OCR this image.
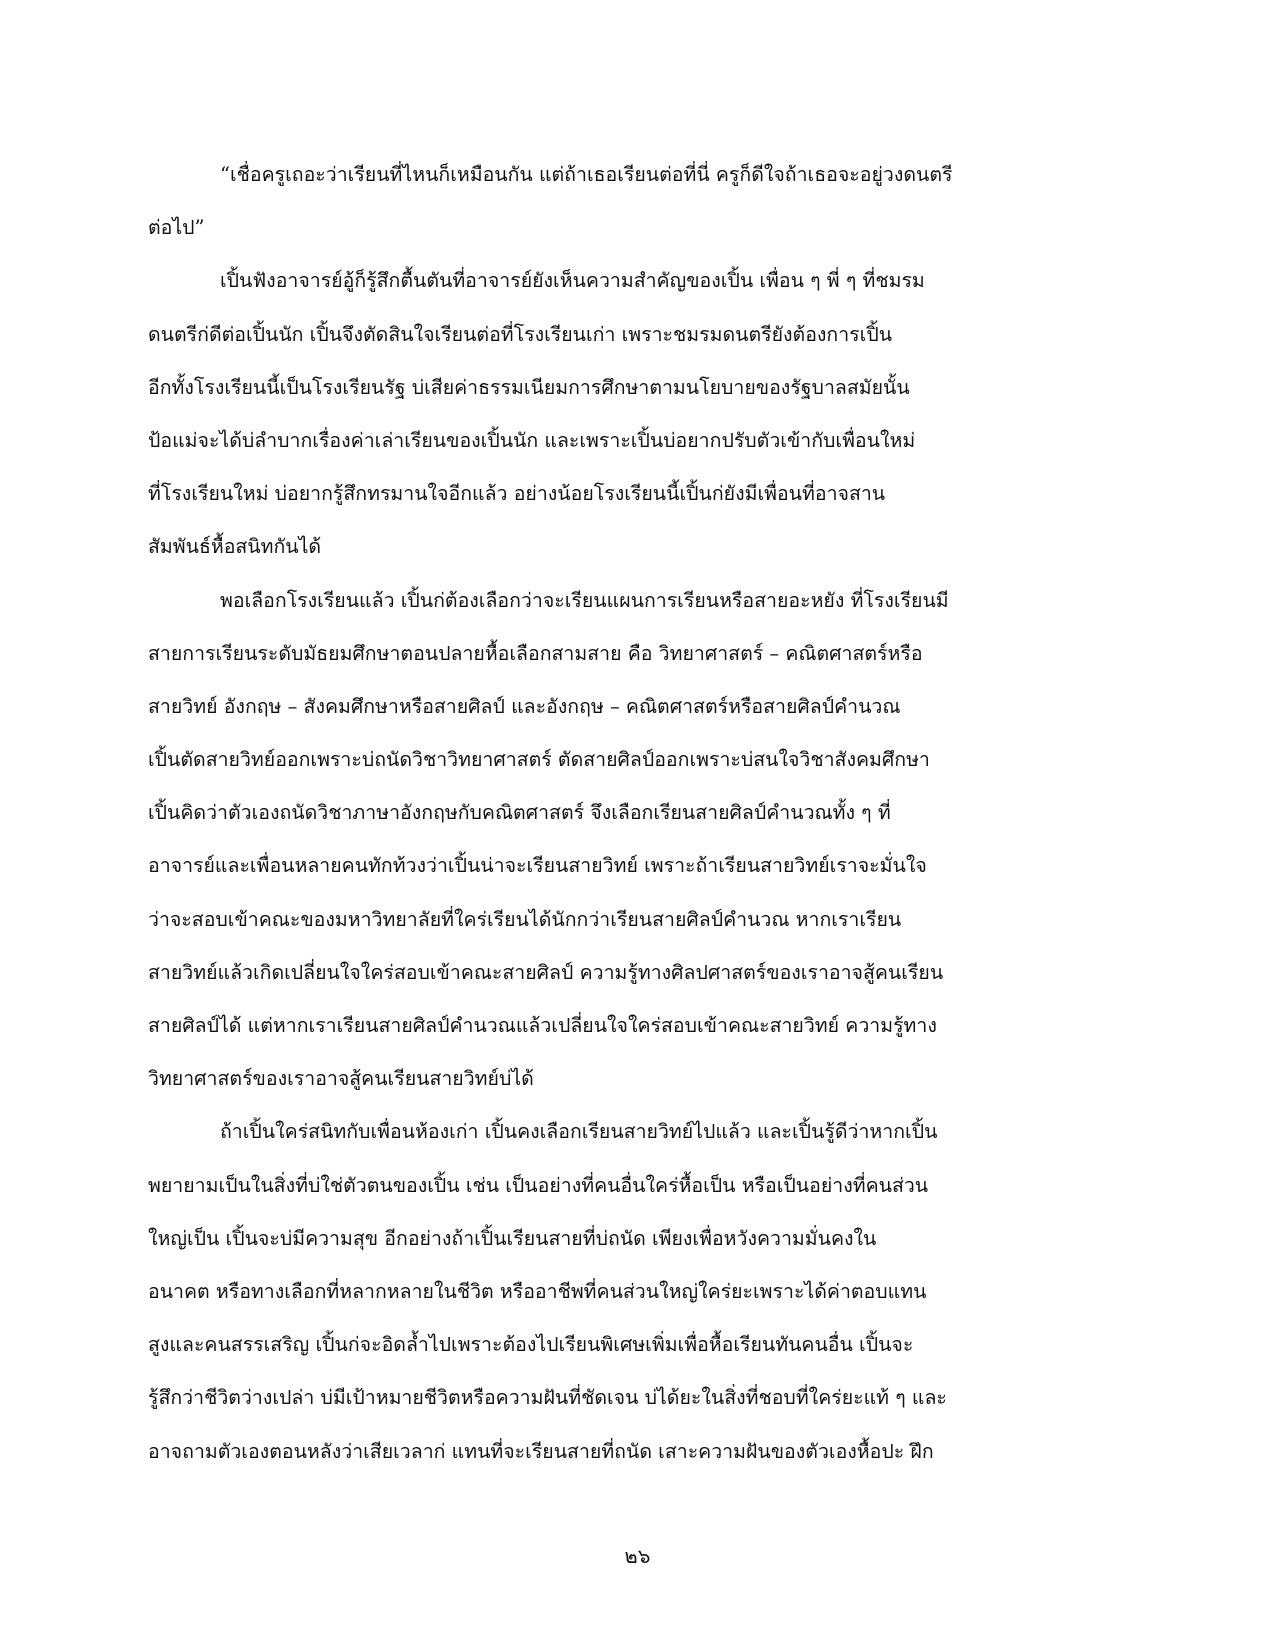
“เชื่อครูเถอะว่าเรียนที่ไหนก็เหมือนกัน แต่ถ้าเธอเรียนต่อที่นี่ ครูก็ดีใจถ้าเธอจะอยู่วงดนตรี
ต่อไป”
เปิ้นฟังอาจารย์อู้ก็รู้สึกตื้นตันที่อาจารย์ยังเห็นความสำคัญของเปิ้น เพื่อน ๆ พี่ ๆ ที่ชมรม
ดนตรีก่ดีต่อเปิ้นนัก เปิ้นจึงตัดสินใจเรียนต่อที่โรงเรียนเก่า เพราะชมรมดนตรียังต้องการเปิ้น
อีกทั้งโรงเรียนนี้เป็นโรงเรียนรัฐ บ่เสียค่าธรรมเนียมการศึกษาตามนโยบายของรัฐบาลสมัยนั้น
ป้อแม่จะได้บ่ลำบากเรื่องค่าเล่าเรียนของเปิ้นนัก และเพราะเปิ้นบ่อยากปรับตัวเข้ากับเพื่อนใหม่
ที่โรงเรียนใหม่ บ่อยากรู้สึกทรมานใจอีกแล้ว อย่างน้อยโรงเรียนนี้เปิ้นก่ยังมีเพื่อนที่อาจสาน
สัมพันธ์หื้อสนิทกันได้
พอเลือกโรงเรียนแล้ว เปิ้นก่ต้องเลือกว่าจะเรียนแผนการเรียนหรือสายอะหยัง ที่โรงเรียนมี
สายการเรียนระดับมัธยมศึกษาตอนปลายหื้อเลือกสามสาย คือ วิทยาศาสตร์ – คณิตศาสตร์หรือ
สายวิทย์ อังกฤษ – สังคมศึกษาหรือสายศิลป์ และอังกฤษ – คณิตศาสตร์หรือสายศิลป์คำนวณ
เปิ้นตัดสายวิทย์ออกเพราะบ่ถนัดวิชาวิทยาศาสตร์ ตัดสายศิลป์ออกเพราะบ่สนใจวิชาสังคมศึกษา
เปิ้นคิดว่าตัวเองถนัดวิชาภาษาอังกฤษกับคณิตศาสตร์ จึงเลือกเรียนสายศิลป์คำนวณทั้ง ๆ ที่
อาจารย์และเพื่อนหลายคนทักท้วงว่าเปิ้นน่าจะเรียนสายวิทย์ เพราะถ้าเรียนสายวิทย์เราจะมั่นใจ
ว่าจะสอบเข้าคณะของมหาวิทยาลัยที่ใคร่เรียนได้นักกว่าเรียนสายศิลป์คำนวณ หากเราเรียน
สายวิทย์แล้วเกิดเปลี่ยนใจใคร่สอบเข้าคณะสายศิลป์ ความรู้ทางศิลปศาสตร์ของเราอาจสู้คนเรียน
สายศิลป์ได้ แต่หากเราเรียนสายศิลป์คำนวณแล้วเปลี่ยนใจใคร่สอบเข้าคณะสายวิทย์ ความรู้ทาง
วิทยาศาสตร์ของเราอาจสู้คนเรียนสายวิทย์บ่ได้
ถ้าเปิ้นใคร่สนิทกับเพื่อนห้องเก่า เปิ้นคงเลือกเรียนสายวิทย์ไปแล้ว และเปิ้นรู้ดีว่าหากเปิ้น
พยายามเป็นในสิ่งที่บ่ใช่ตัวตนของเปิ้น เช่น เป็นอย่างที่คนอื่นใคร่หื้อเป็น หรือเป็นอย่างที่คนส่วน
ใหญ่เป็น เปิ้นจะบ่มีความสุข อีกอย่างถ้าเปิ้นเรียนสายที่บ่ถนัด เพียงเพื่อหวังความมั่นคงใน
อนาคต หรือทางเลือกที่หลากหลายในชีวิต หรืออาชีพที่คนส่วนใหญ่ใคร่ยะเพราะได้ค่าตอบแทน
สูงและคนสรรเสริญ เปิ้นก่จะอิดล้ำไปเพราะต้องไปเรียนพิเศษเพิ่มเพื่อหื้อเรียนทันคนอื่น เปิ้นจะ
รู้สึกว่าชีวิตว่างเปล่า บ่มีเป้าหมายชีวิตหรือความฝันที่ชัดเจน บ่ได้ยะในสิ่งที่ชอบที่ใคร่ยะแท้ ๆ และ
อาจถามตัวเองตอนหลังว่าเสียเวลาก่ แทนที่จะเรียนสายที่ถนัด เสาะความฝันของตัวเองหื้อปะ ฝึก
๒๖
